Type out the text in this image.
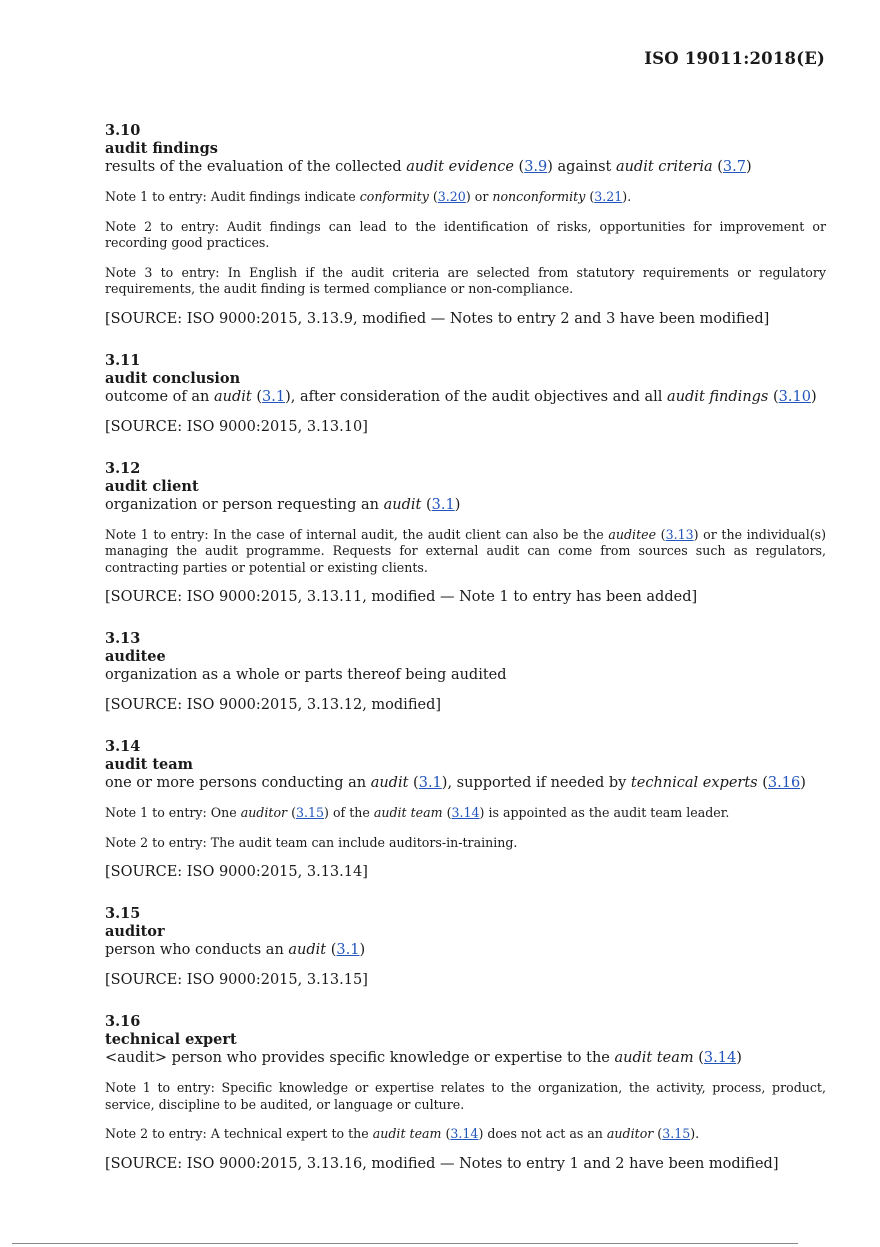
ISO 19011:2018(E)
3.10
audit findings
results of the evaluation of the collected audit evidence (3.9) against audit criteria (3.7)
Note 1 to entry: Audit findings indicate conformity (3.20) or nonconformity (3.21).
Note 2 to entry: Audit findings can lead to the identification of risks, opportunities for improvement or recording good practices.
Note 3 to entry: In English if the audit criteria are selected from statutory requirements or regulatory requirements, the audit finding is termed compliance or non-compliance.
[SOURCE: ISO 9000:2015, 3.13.9, modified — Notes to entry 2 and 3 have been modified]
3.11
audit conclusion
outcome of an audit (3.1), after consideration of the audit objectives and all audit findings (3.10)
[SOURCE: ISO 9000:2015, 3.13.10]
3.12
audit client
organization or person requesting an audit (3.1)
Note 1 to entry: In the case of internal audit, the audit client can also be the auditee (3.13) or the individual(s) managing the audit programme. Requests for external audit can come from sources such as regulators, contracting parties or potential or existing clients.
[SOURCE: ISO 9000:2015, 3.13.11, modified — Note 1 to entry has been added]
3.13
auditee
organization as a whole or parts thereof being audited
[SOURCE: ISO 9000:2015, 3.13.12, modified]
3.14
audit team
one or more persons conducting an audit (3.1), supported if needed by technical experts (3.16)
Note 1 to entry: One auditor (3.15) of the audit team (3.14) is appointed as the audit team leader.
Note 2 to entry: The audit team can include auditors-in-training.
[SOURCE: ISO 9000:2015, 3.13.14]
3.15
auditor
person who conducts an audit (3.1)
[SOURCE: ISO 9000:2015, 3.13.15]
3.16
technical expert
<audit> person who provides specific knowledge or expertise to the audit team (3.14)
Note 1 to entry: Specific knowledge or expertise relates to the organization, the activity, process, product, service, discipline to be audited, or language or culture.
Note 2 to entry: A technical expert to the audit team (3.14) does not act as an auditor (3.15).
[SOURCE: ISO 9000:2015, 3.13.16, modified — Notes to entry 1 and 2 have been modified]
